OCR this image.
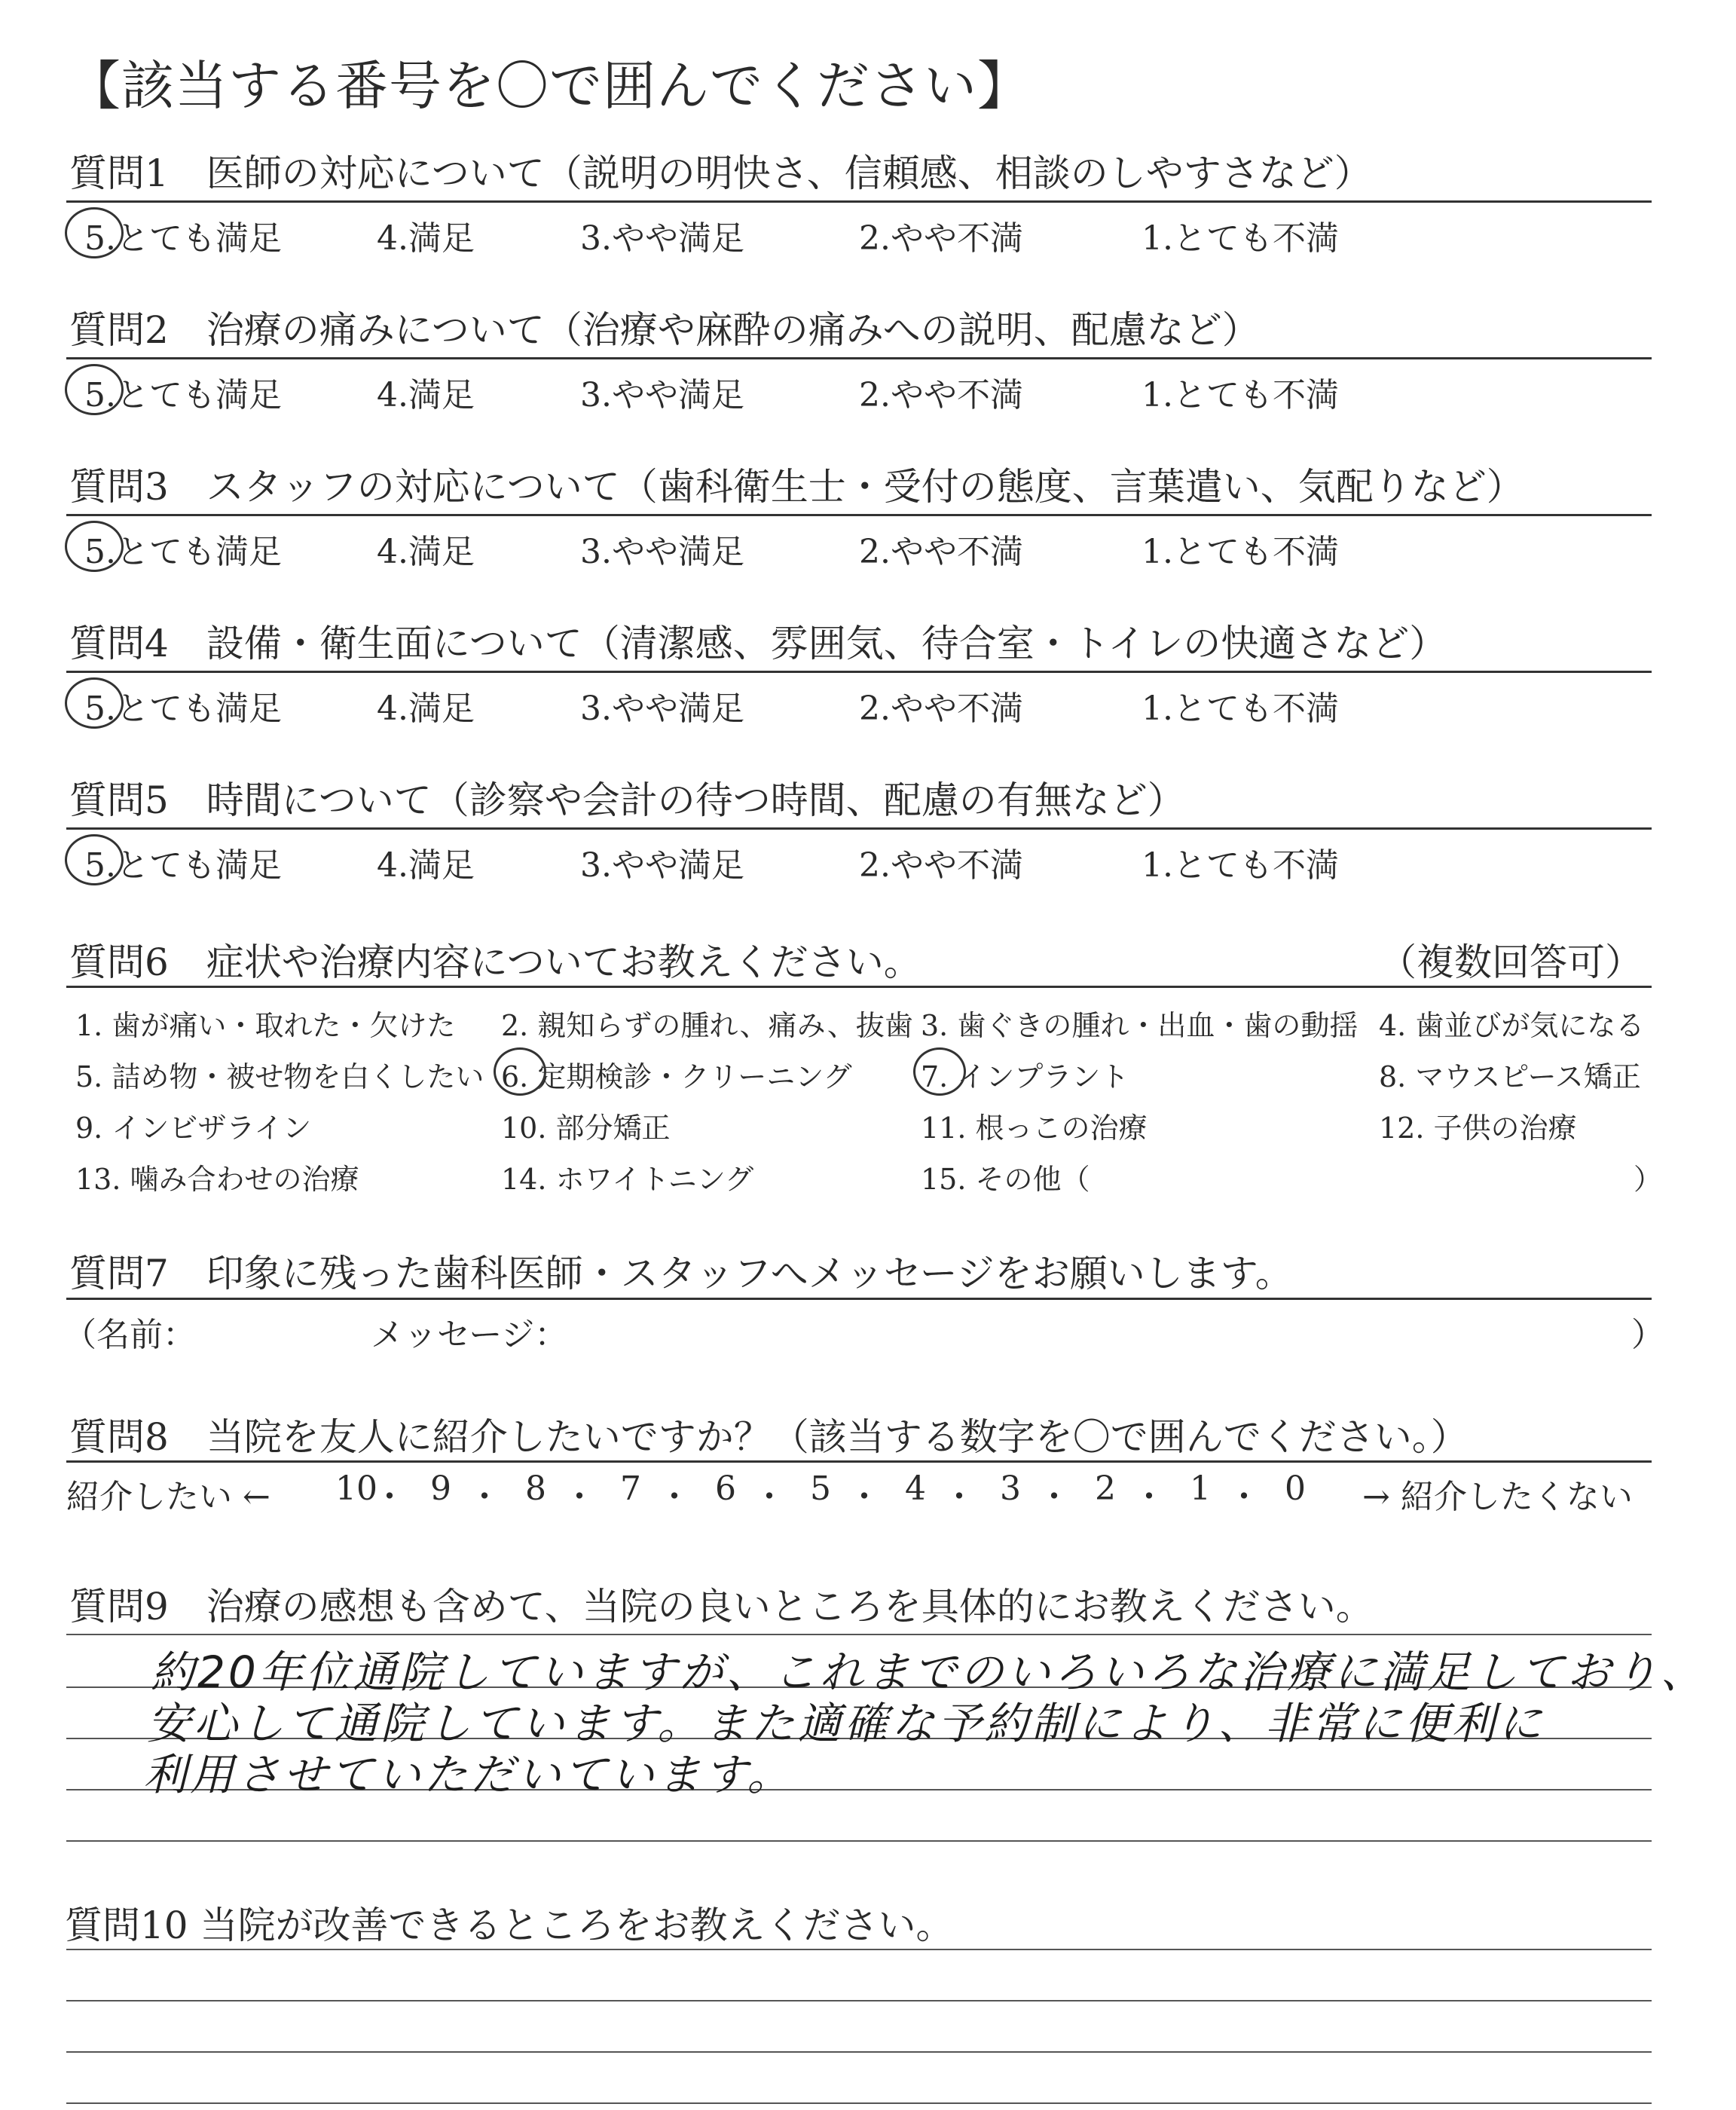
【該当する番号を〇で囲んでください】
質問1　医師の対応について（説明の明快さ、信頼感、相談のしやすさなど）
5.とても満足	4.満足	3.やや満足	2.やや不満	1.とても不満
質問2　治療の痛みについて（治療や麻酔の痛みへの説明、配慮など）
5.とても満足	4.満足	3.やや満足	2.やや不満	1.とても不満
質問3　スタッフの対応について（歯科衛生士・受付の態度、言葉遣い、気配りなど）
5.とても満足	4.満足	3.やや満足	2.やや不満	1.とても不満
質問4　設備・衛生面について（清潔感、雰囲気、待合室・トイレの快適さなど）
5.とても満足	4.満足	3.やや満足	2.やや不満	1.とても不満
質問5　時間について（診察や会計の待つ時間、配慮の有無など）
5.とても満足	4.満足	3.やや満足	2.やや不満	1.とても不満
質問6　症状や治療内容についてお教えください。	（複数回答可）
1. 歯が痛い・取れた・欠けた 2. 親知らずの腫れ、痛み、抜歯 3. 歯ぐきの腫れ・出血・歯の動揺 4. 歯並びが気になる
5. 詰め物・被せ物を白くしたい 6. 定期検診・クリーニング 7. インプラント	8. マウスピース矯正
9. インビザライン	10. 部分矯正	11. 根っこの治療	12. 子供の治療
13. 噛み合わせの治療	14. ホワイトニング	15. その他（	）
質問7　印象に残った歯科医師・スタッフへメッセージをお願いします。
（名前：	メッセージ：	）
質問8　当院を友人に紹介したいですか？（該当する数字を〇で囲んでください。）
紹介したい ← 10
・ 9 ・ 8 ・ 7 ・ 6 ・ 5 ・ 4 ・ 3 ・ 2 ・ 1 ・ 0 → 紹介したくない
質問9　治療の感想も含めて、当院の良いところを具体的にお教えください。
約20年位通院していますが、これまでのいろいろな治療に満足しており、
安心して通院しています。また適確な予約制により、非常に便利に
利用させていただいています。
質問10 当院が改善できるところをお教えください。
